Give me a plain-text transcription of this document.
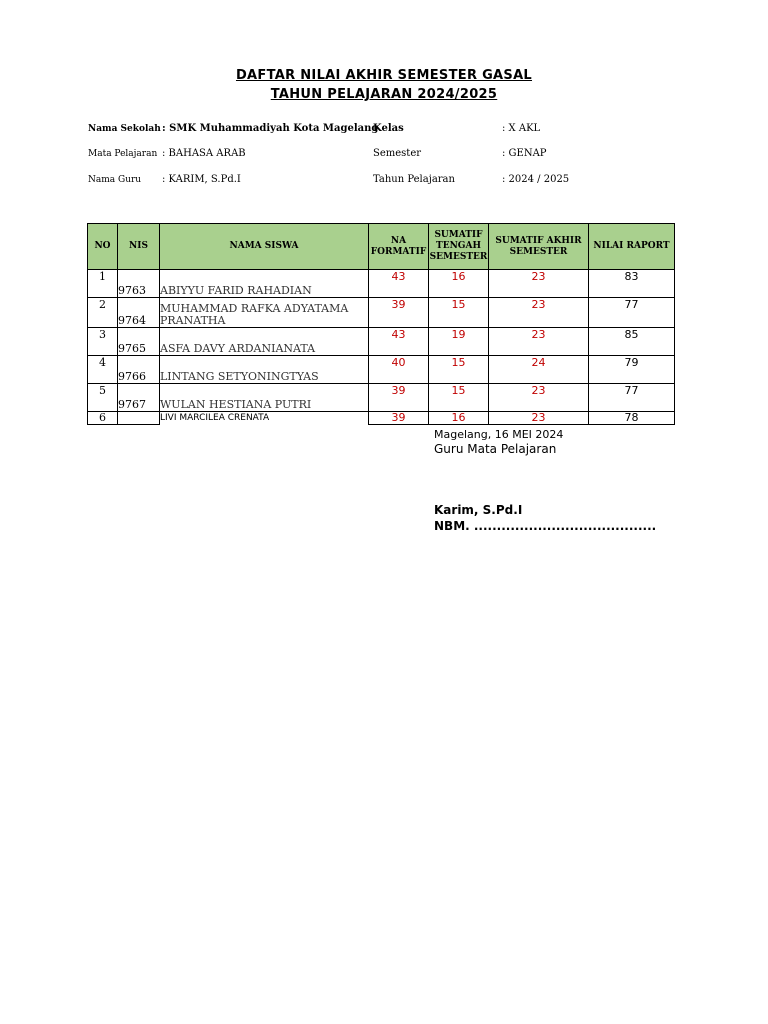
DAFTAR NILAI AKHIR SEMESTER GASAL
TAHUN PELAJARAN 2024/2025
Nama Sekolah : SMK Muhammadiyah Kota Magelang
Kelas	: X AKL
Mata Pelajaran : BAHASA ARAB	Semester	: GENAP
Nama Guru : KARIM, S.Pd.I	Tahun Pelajaran	: 2024 / 2025
NO	NIS	NAMA SISWA	NA FORMATIF	SUMATIF TENGAH SEMESTER	SUMATIF AKHIR SEMESTER	NILAI RAPORT
1	9763	ABIYYU FARID RAHADIAN	43	16	23	83
2	9764	MUHAMMAD RAFKA ADYATAMA PRANATHA	39	15	23	77
3	9765	ASFA DAVY ARDANIANATA	43	19	23	85
4	9766	LINTANG SETYONINGTYAS	40	15	24	79
5	9767	WULAN HESTIANA PUTRI	39	15	23	77
6		LIVI MARCILEA CRENATA	39	16	23	78
Magelang, 16 MEI 2024
Guru Mata Pelajaran
Karim, S.Pd.I
NBM. ........................................
